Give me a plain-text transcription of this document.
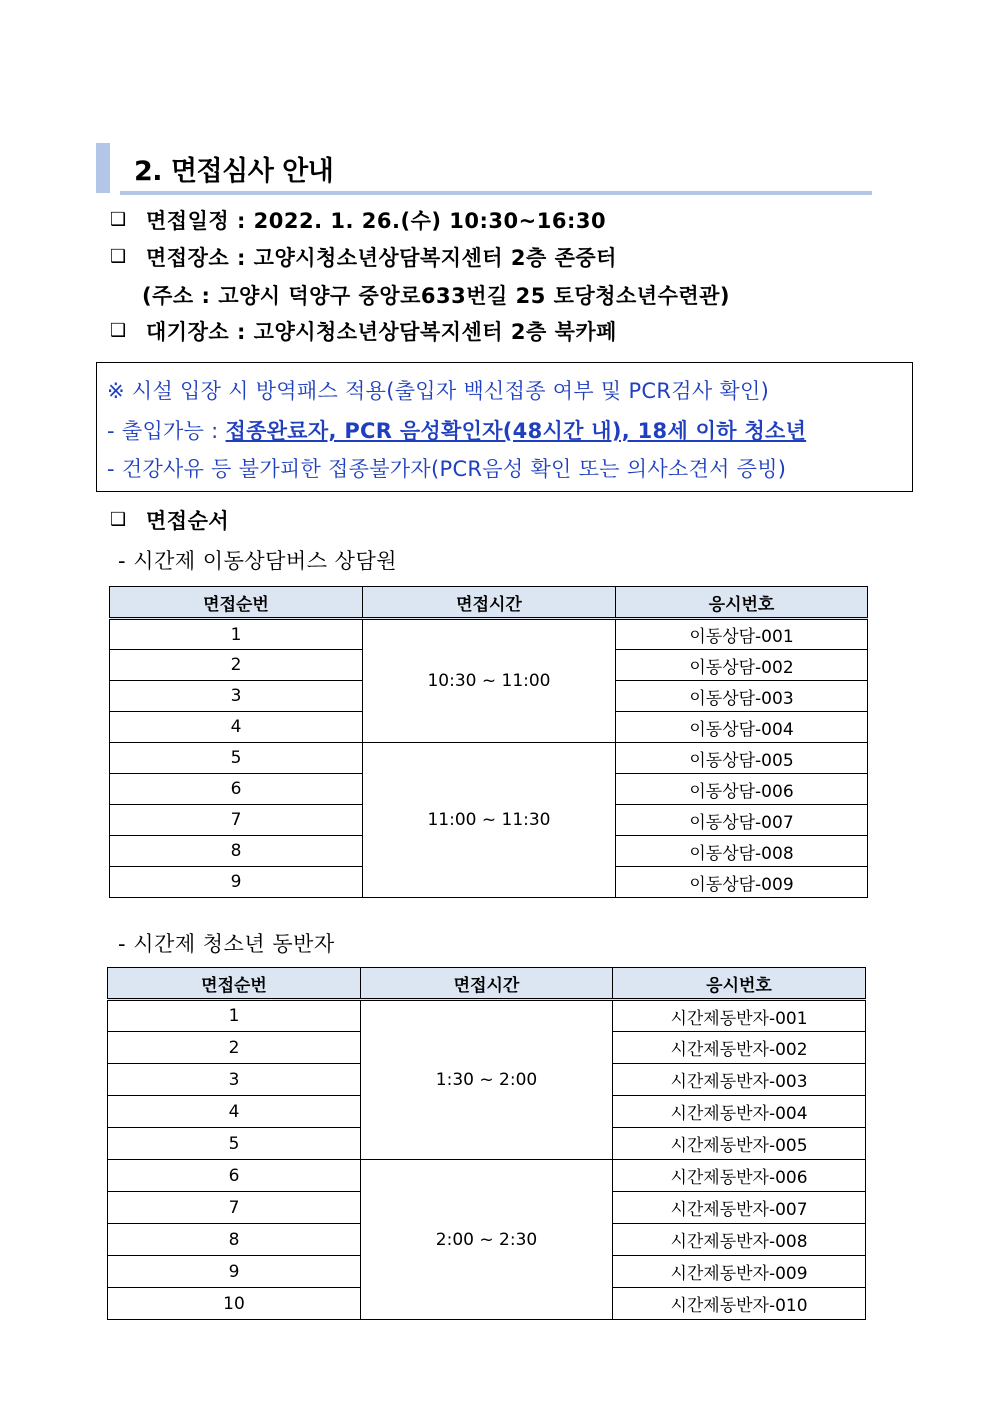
2. 면접심사 안내
❑ 면접일정 : 2022. 1. 26.(수) 10:30~16:30
❑ 면접장소 : 고양시청소년상담복지센터 2층 존중터
(주소 : 고양시 덕양구 중앙로633번길 25 토당청소년수련관)
❑ 대기장소 : 고양시청소년상담복지센터 2층 북카페
※ 시설 입장 시 방역패스 적용(출입자 백신접종 여부 및 PCR검사 확인)
- 출입가능 : 접종완료자, PCR 음성확인자(48시간 내), 18세 이하 청소년
- 건강사유 등 불가피한 접종불가자(PCR음성 확인 또는 의사소견서 증빙)
❑ 면접순서
- 시간제 이동상담버스 상담원
면접순번	면접시간	응시번호
1	10:30 ~ 11:00	이동상담-001
2		이동상담-002
3		이동상담-003
4		이동상담-004
5	11:00 ~ 11:30	이동상담-005
6		이동상담-006
7		이동상담-007
8		이동상담-008
9		이동상담-009
- 시간제 청소년 동반자
면접순번	면접시간	응시번호
1	1:30 ~ 2:00	시간제동반자-001
2		시간제동반자-002
3		시간제동반자-003
4		시간제동반자-004
5		시간제동반자-005
6	2:00 ~ 2:30	시간제동반자-006
7		시간제동반자-007
8		시간제동반자-008
9		시간제동반자-009
10		시간제동반자-010
